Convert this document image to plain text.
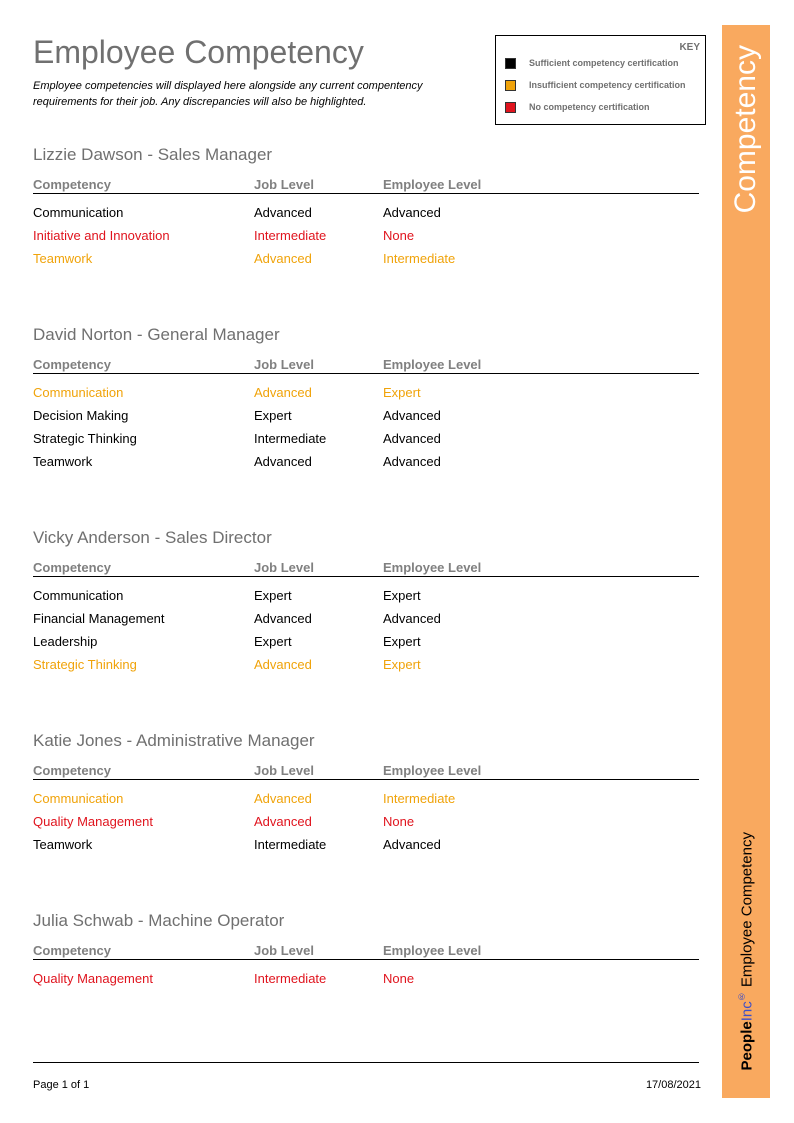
Employee Competency
Employee competencies will displayed here alongside any current compentency requirements for their job. Any discrepancies will also be highlighted.
KEY
Sufficient competency certification
Insufficient competency certification
No competency certification	Competency
PeopleInc® Employee Competency
Lizzie Dawson - Sales Manager
Competency	Job Level	Employee Level
Communication	Advanced	Advanced
Initiative and Innovation	Intermediate	None
Teamwork	Advanced	Intermediate
David Norton - General Manager
Competency	Job Level	Employee Level
Communication	Advanced	Expert
Decision Making	Expert	Advanced
Strategic Thinking	Intermediate	Advanced
Teamwork	Advanced	Advanced
Vicky Anderson - Sales Director
Competency	Job Level	Employee Level
Communication	Expert	Expert
Financial Management	Advanced	Advanced
Leadership	Expert	Expert
Strategic Thinking	Advanced	Expert
Katie Jones - Administrative Manager
Competency	Job Level	Employee Level
Communication	Advanced	Intermediate
Quality Management	Advanced	None
Teamwork	Intermediate	Advanced
Julia Schwab - Machine Operator
Competency	Job Level	Employee Level
Quality Management	Intermediate	None
Page 1 of 1	17/08/2021
